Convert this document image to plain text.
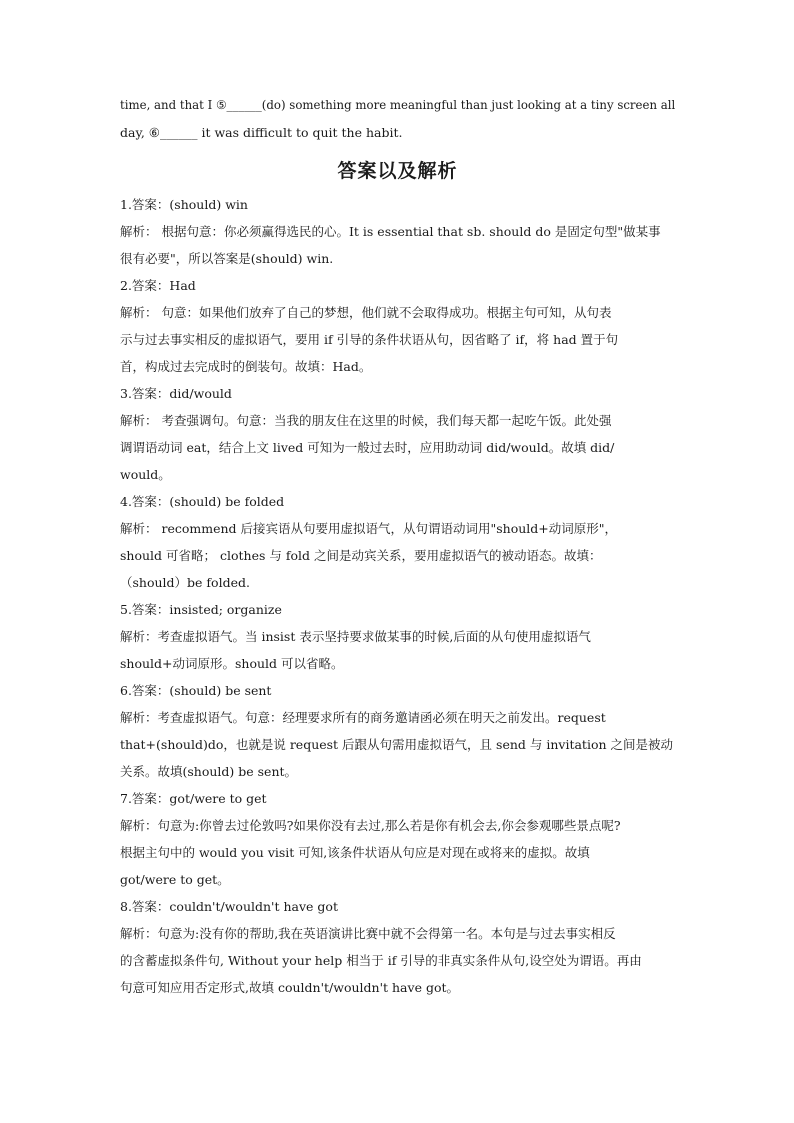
time, and that I ⑤______(do) something more meaningful than just looking at a tiny screen all
day, ⑥______ it was difficult to quit the habit.
答案以及解析
1.答案：(should) win
解析： 根据句意：你必须赢得选民的心。It is essential that sb. should do 是固定句型"做某事
很有必要"，所以答案是(should) win.
2.答案：Had
解析： 句意：如果他们放弃了自己的梦想，他们就不会取得成功。根据主句可知，从句表
示与过去事实相反的虚拟语气，要用 if 引导的条件状语从句，因省略了 if，将 had 置于句
首，构成过去完成时的倒装句。故填：Had。
3.答案：did/would
解析： 考查强调句。句意：当我的朋友住在这里的时候，我们每天都一起吃午饭。此处强
调谓语动词 eat，结合上文 lived 可知为一般过去时，应用助动词 did/would。故填 did/
would。
4.答案：(should) be folded
解析： recommend 后接宾语从句要用虚拟语气，从句谓语动词用"should+动词原形"，
should 可省略； clothes 与 fold 之间是动宾关系，要用虚拟语气的被动语态。故填：
（should）be folded.
5.答案：insisted; organize
解析：考查虚拟语气。当 insist 表示坚持要求做某事的时候,后面的从句使用虚拟语气
should+动词原形。should 可以省略。
6.答案：(should) be sent
解析：考查虚拟语气。句意：经理要求所有的商务邀请函必须在明天之前发出。request
that+(should)do，也就是说 request 后跟从句需用虚拟语气，且 send 与 invitation 之间是被动
关系。故填(should) be sent。
7.答案：got/were to get
解析：句意为:你曾去过伦敦吗?如果你没有去过,那么若是你有机会去,你会参观哪些景点呢?
根据主句中的 would you visit 可知,该条件状语从句应是对现在或将来的虚拟。故填
got/were to get。
8.答案：couldn't/wouldn't have got
解析：句意为:没有你的帮助,我在英语演讲比赛中就不会得第一名。本句是与过去事实相反
的含蓄虚拟条件句, Without your help 相当于 if 引导的非真实条件从句,设空处为谓语。再由
句意可知应用否定形式,故填 couldn't/wouldn't have got。
